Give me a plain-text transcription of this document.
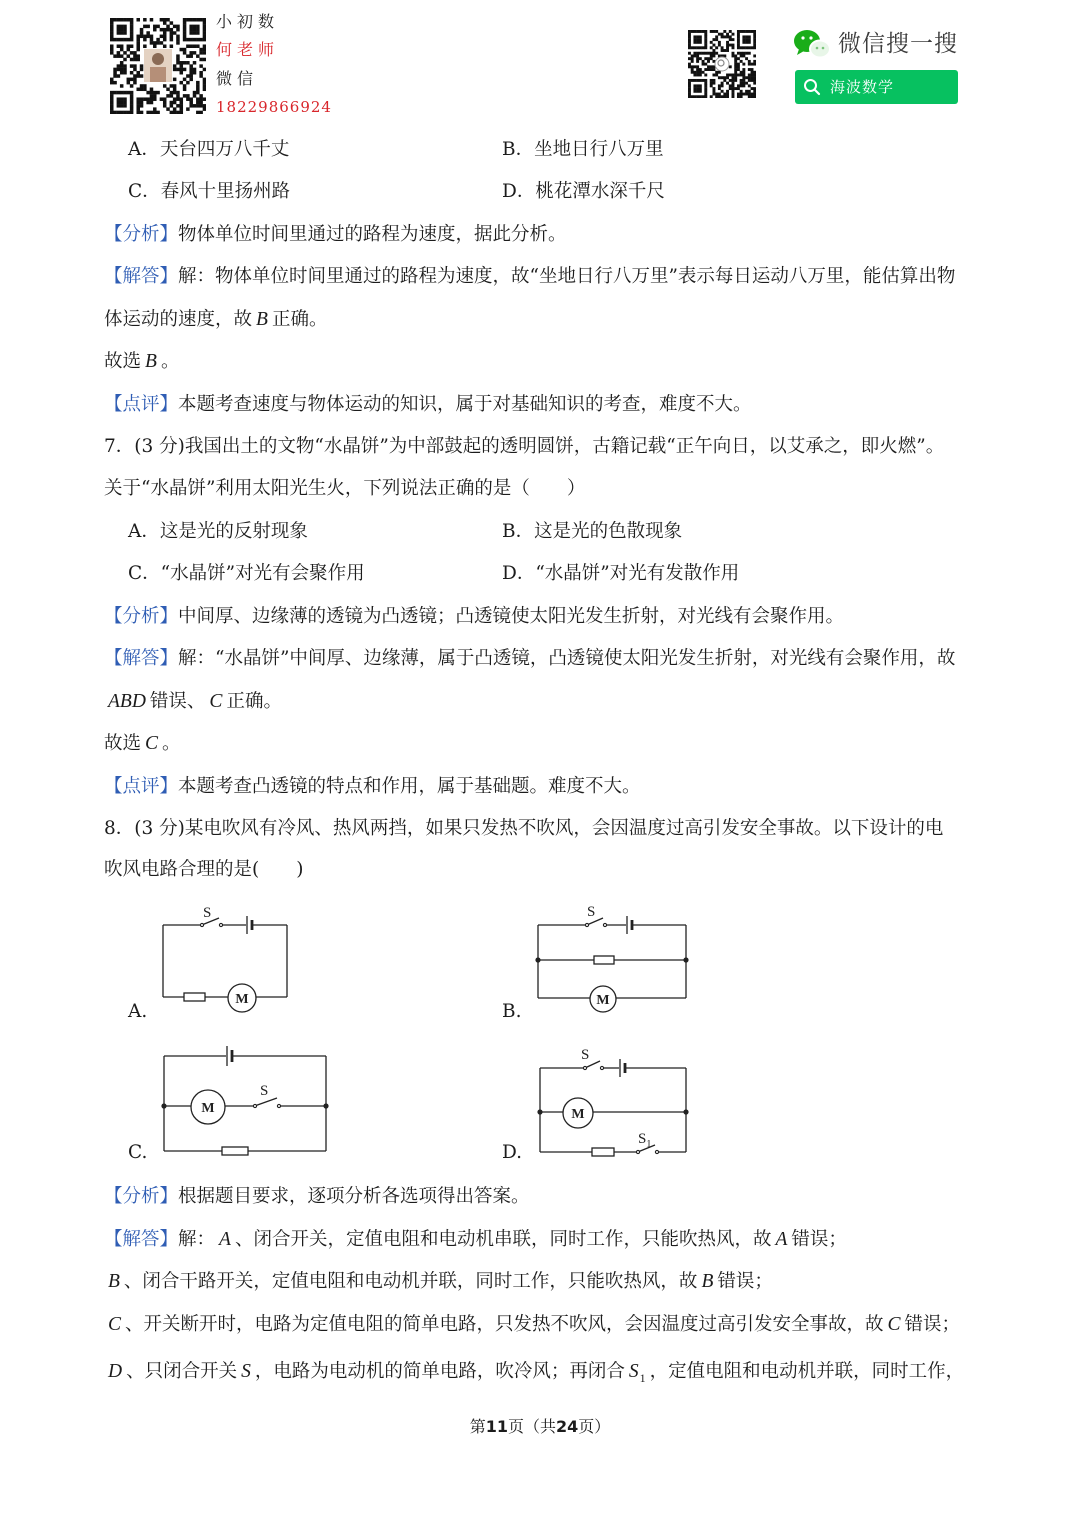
小初数
何老师
微信
18229866924
微信搜一搜
海波数学
A．天台四万八千丈	B．坐地日行八万里
C．春风十里扬州路	D．桃花潭水深千尺
【分析】物体单位时间里通过的路程为速度，据此分析。
【解答】解：物体单位时间里通过的路程为速度，故“坐地日行八万里”表示每日运动八万里，能估算出物
体运动的速度，故 B 正确。
故选 B 。
【点评】本题考查速度与物体运动的知识，属于对基础知识的考查，难度不大。
7．(3 分)我国出土的文物“水晶饼”为中部鼓起的透明圆饼，古籍记载“正午向日，以艾承之，即火燃”。
关于“水晶饼”利用太阳光生火，下列说法正确的是（　　）
A．这是光的反射现象	B．这是光的色散现象
C．“水晶饼”对光有会聚作用	D．“水晶饼”对光有发散作用
【分析】中间厚、边缘薄的透镜为凸透镜；凸透镜使太阳光发生折射，对光线有会聚作用。
【解答】解：“水晶饼”中间厚、边缘薄，属于凸透镜，凸透镜使太阳光发生折射，对光线有会聚作用，故
ABD 错误、 C 正确。
故选 C 。
【点评】本题考查凸透镜的特点和作用，属于基础题。难度不大。
8．(3 分)某电吹风有冷风、热风两挡，如果只发热不吹风，会因温度过高引发安全事故。以下设计的电
吹风电路合理的是(　　)
A.
S
M
B.
S
M
C.
M
S
D.
S
M
$S_1$
【分析】根据题目要求，逐项分析各选项得出答案。
【解答】解： A 、闭合开关，定值电阻和电动机串联，同时工作，只能吹热风，故 A 错误；
B 、闭合干路开关，定值电阻和电动机并联，同时工作，只能吹热风，故 B 错误；
C 、开关断开时，电路为定值电阻的简单电路，只发热不吹风，会因温度过高引发安全事故，故 C 错误；
D 、只闭合开关 S ，电路为电动机的简单电路，吹冷风；再闭合 $S_1$ ，定值电阻和电动机并联，同时工作，
第11页（共24页）
